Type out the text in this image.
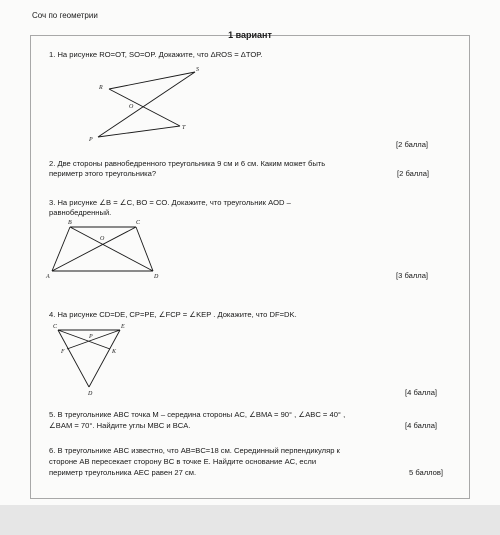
Соч по геометрии
1 вариант
1. На рисунке RO=OT, SO=OP. Докажите, что ΔROS = ΔTOP.
R
S
O
P
T
[2 балла]
2. Две стороны равнобедренного треугольника 9 см и 6 см. Каким может быть
периметр этого треугольника?	[2 балла]
3. На рисунке ∠B = ∠C, BO = CO. Докажите, что треугольник AOD –
равнобедренный.
B	C
O
A	D	[3 балла]
4. На рисунке CD=DE, CP=PE, ∠FCP = ∠KEP . Докажите, что DF=DK.
C
P
E
F	K
D	[4 балла]
5. В треугольнике ABC точка M – середина стороны AC, ∠BMA = 90° , ∠ABC = 40° ,
∠BAM = 70°. Найдите углы MBC и BCA.	[4 балла]
6. В треугольнике ABC известно, что AB=BC=18 см. Серединный перпендикуляр к
стороне AB пересекает сторону BC в точке E. Найдите основание AC, если
периметр треугольника AEC равен 27 см.	5 баллов]
